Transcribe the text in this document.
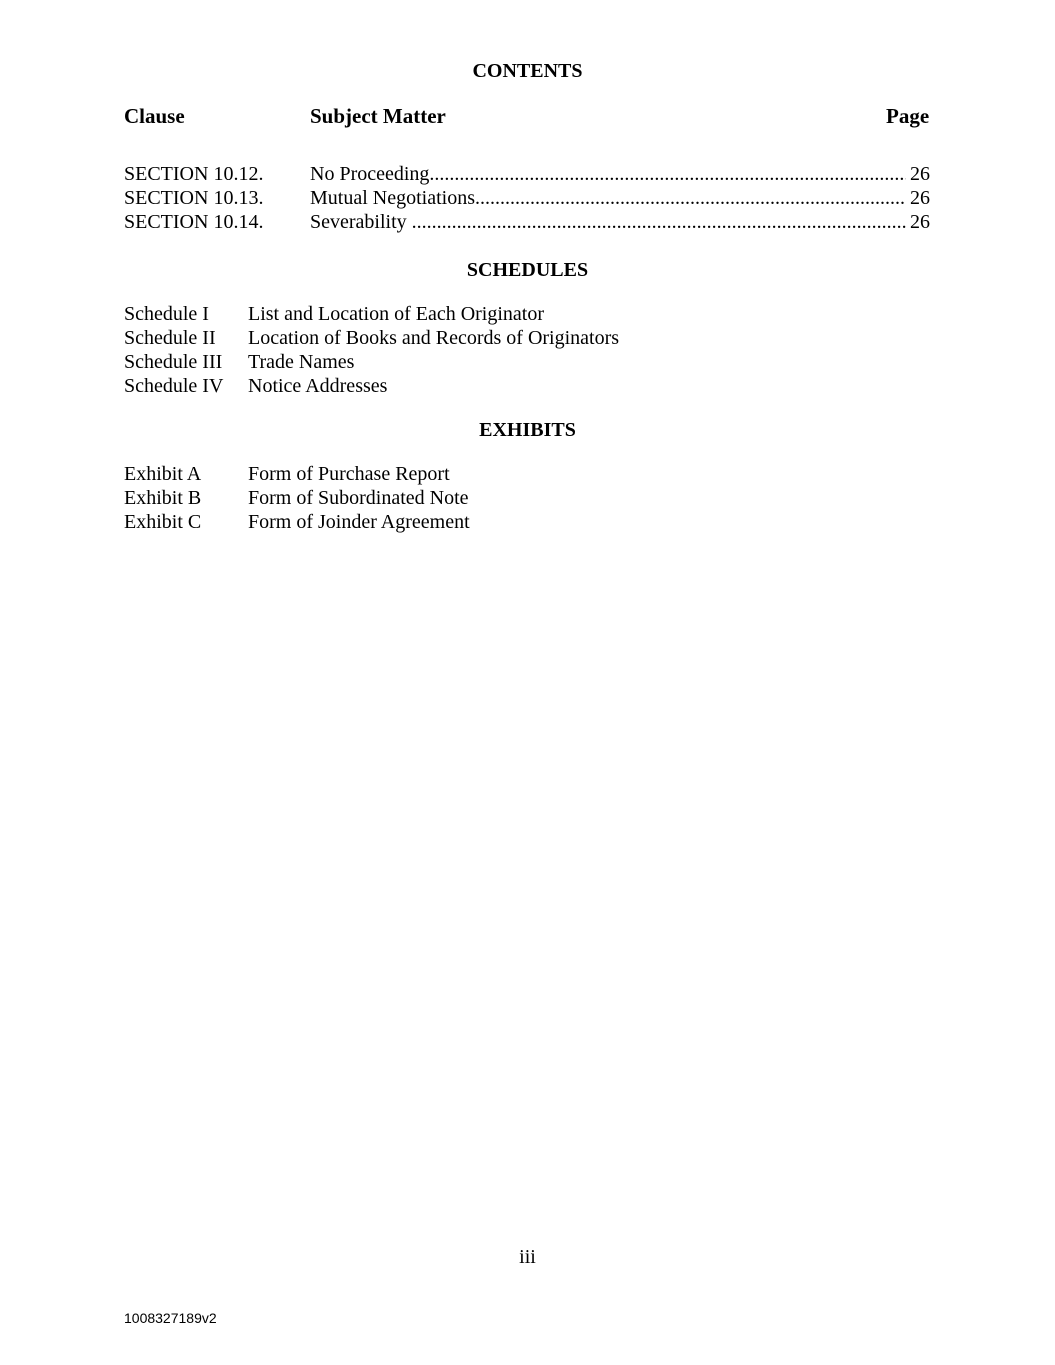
CONTENTS
Clause	Subject Matter	Page
SECTION 10.12. No Proceeding .....	26
SECTION 10.13. Mutual Negotiations .....	26
SECTION 10.14. Severability .....	26
SCHEDULES
Schedule I List and Location of Each Originator
Schedule II Location of Books and Records of Originators
Schedule III Trade Names
Schedule IV Notice Addresses
EXHIBITS
Exhibit A Form of Purchase Report
Exhibit B Form of Subordinated Note
Exhibit C Form of Joinder Agreement
iii
1008327189v2
